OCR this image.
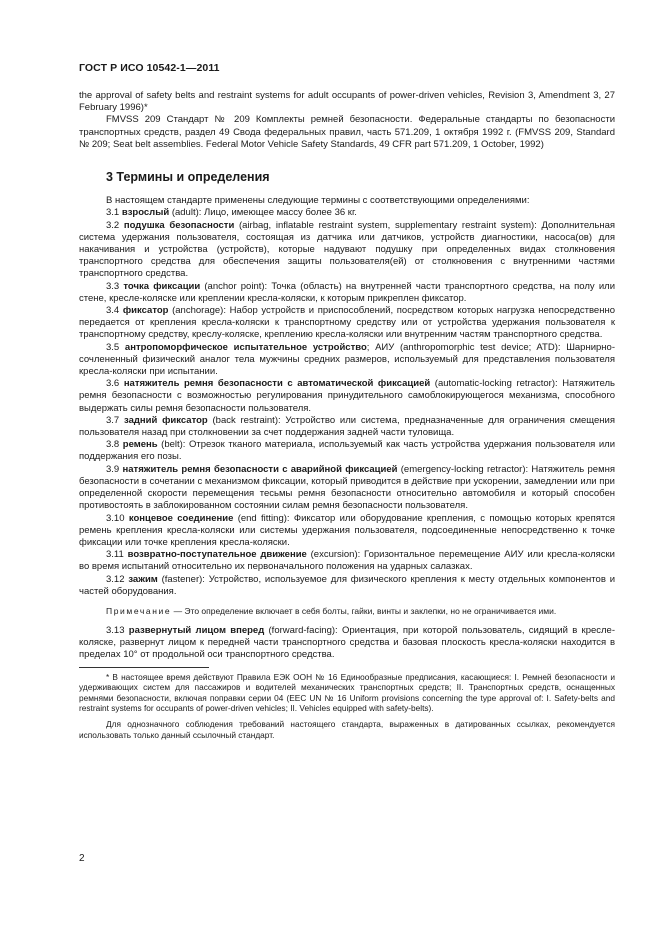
ГОСТ Р ИСО 10542-1—2011

the approval of safety belts and restraint systems for adult occupants of power-driven vehicles, Revision 3, Amendment 3, 27 February 1996)*

FMVSS 209 Стандарт № 209 Комплекты ремней безопасности. Федеральные стандарты по безопасности транспортных средств, раздел 49 Свода федеральных правил, часть 571.209, 1 октября 1992 г. (FMVSS 209, Standard № 209; Seat belt assemblies. Federal Motor Vehicle Safety Standards, 49 CFR part 571.209, 1 October, 1992)

3 Термины и определения

В настоящем стандарте применены следующие термины с соответствующими определениями:

3.1 взрослый (adult): Лицо, имеющее массу более 36 кг.

3.2 подушка безопасности (airbag, inflatable restraint system, supplementary restraint system): Дополнительная система удержания пользователя, состоящая из датчика или датчиков, устройств диагностики, насоса(ов) для накачивания и устройства (устройств), которые надувают подушку при определенных видах столкновения транспортного средства для обеспечения защиты пользователя(ей) от столкновения с внутренними частями транспортного средства.

3.3 точка фиксации (anchor point): Точка (область) на внутренней части транспортного средства, на полу или стене, кресле-коляске или креплении кресла-коляски, к которым прикреплен фиксатор.

3.4 фиксатор (anchorage): Набор устройств и приспособлений, посредством которых нагрузка непосредственно передается от крепления кресла-коляски к транспортному средству или от устройства удержания пользователя к транспортному средству, креслу-коляске, креплению кресла-коляски или внутренним частям транспортного средства.

3.5 антропоморфическое испытательное устройство; АИУ (anthropomorphic test device; ATD): Шарнирно-сочлененный физический аналог тела мужчины средних размеров, используемый для представления пользователя кресла-коляски при испытании.

3.6 натяжитель ремня безопасности с автоматической фиксацией (automatic-locking retractor): Натяжитель ремня безопасности с возможностью регулирования принудительного самоблокирующегося механизма, способного выдержать силы ремня безопасности пользователя.

3.7 задний фиксатор (back restraint): Устройство или система, предназначенные для ограничения смещения пользователя назад при столкновении за счет поддержания задней части туловища.

3.8 ремень (belt): Отрезок тканого материала, используемый как часть устройства удержания пользователя или поддержания его позы.

3.9 натяжитель ремня безопасности с аварийной фиксацией (emergency-locking retractor): Натяжитель ремня безопасности в сочетании с механизмом фиксации, который приводится в действие при ускорении, замедлении или при определенной скорости перемещения тесьмы ремня безопасности относительно автомобиля и который способен противостоять в заблокированном состоянии силам ремня безопасности пользователя.

3.10 концевое соединение (end fitting): Фиксатор или оборудование крепления, с помощью которых крепятся ремень крепления кресла-коляски или системы удержания пользователя, подсоединенные непосредственно к точке фиксации или точке крепления кресла-коляски.

3.11 возвратно-поступательное движение (excursion): Горизонтальное перемещение АИУ или кресла-коляски во время испытаний относительно их первоначального положения на ударных салазках.

3.12 зажим (fastener): Устройство, используемое для физического крепления к месту отдельных компонентов и частей оборудования.

Примечание — Это определение включает в себя болты, гайки, винты и заклепки, но не ограничивается ими.

3.13 развернутый лицом вперед (forward-facing): Ориентация, при которой пользователь, сидящий в кресле-коляске, развернут лицом к передней части транспортного средства и базовая плоскость кресла-коляски находится в пределах 10° от продольной оси транспортного средства.

* В настоящее время действуют Правила ЕЭК ООН № 16 Единообразные предписания, касающиеся: I. Ремней безопасности и удерживающих систем для пассажиров и водителей механических транспортных средств; II. Транспортных средств, оснащенных ремнями безопасности, включая поправки серии 04 (EEC UN № 16 Uniform provisions concerning the type approval of: I. Safety-belts and restraint systems for occupants of power-driven vehicles; II. Vehicles equipped with safety-belts).

Для однозначного соблюдения требований настоящего стандарта, выраженных в датированных ссылках, рекомендуется использовать только данный ссылочный стандарт.

2
